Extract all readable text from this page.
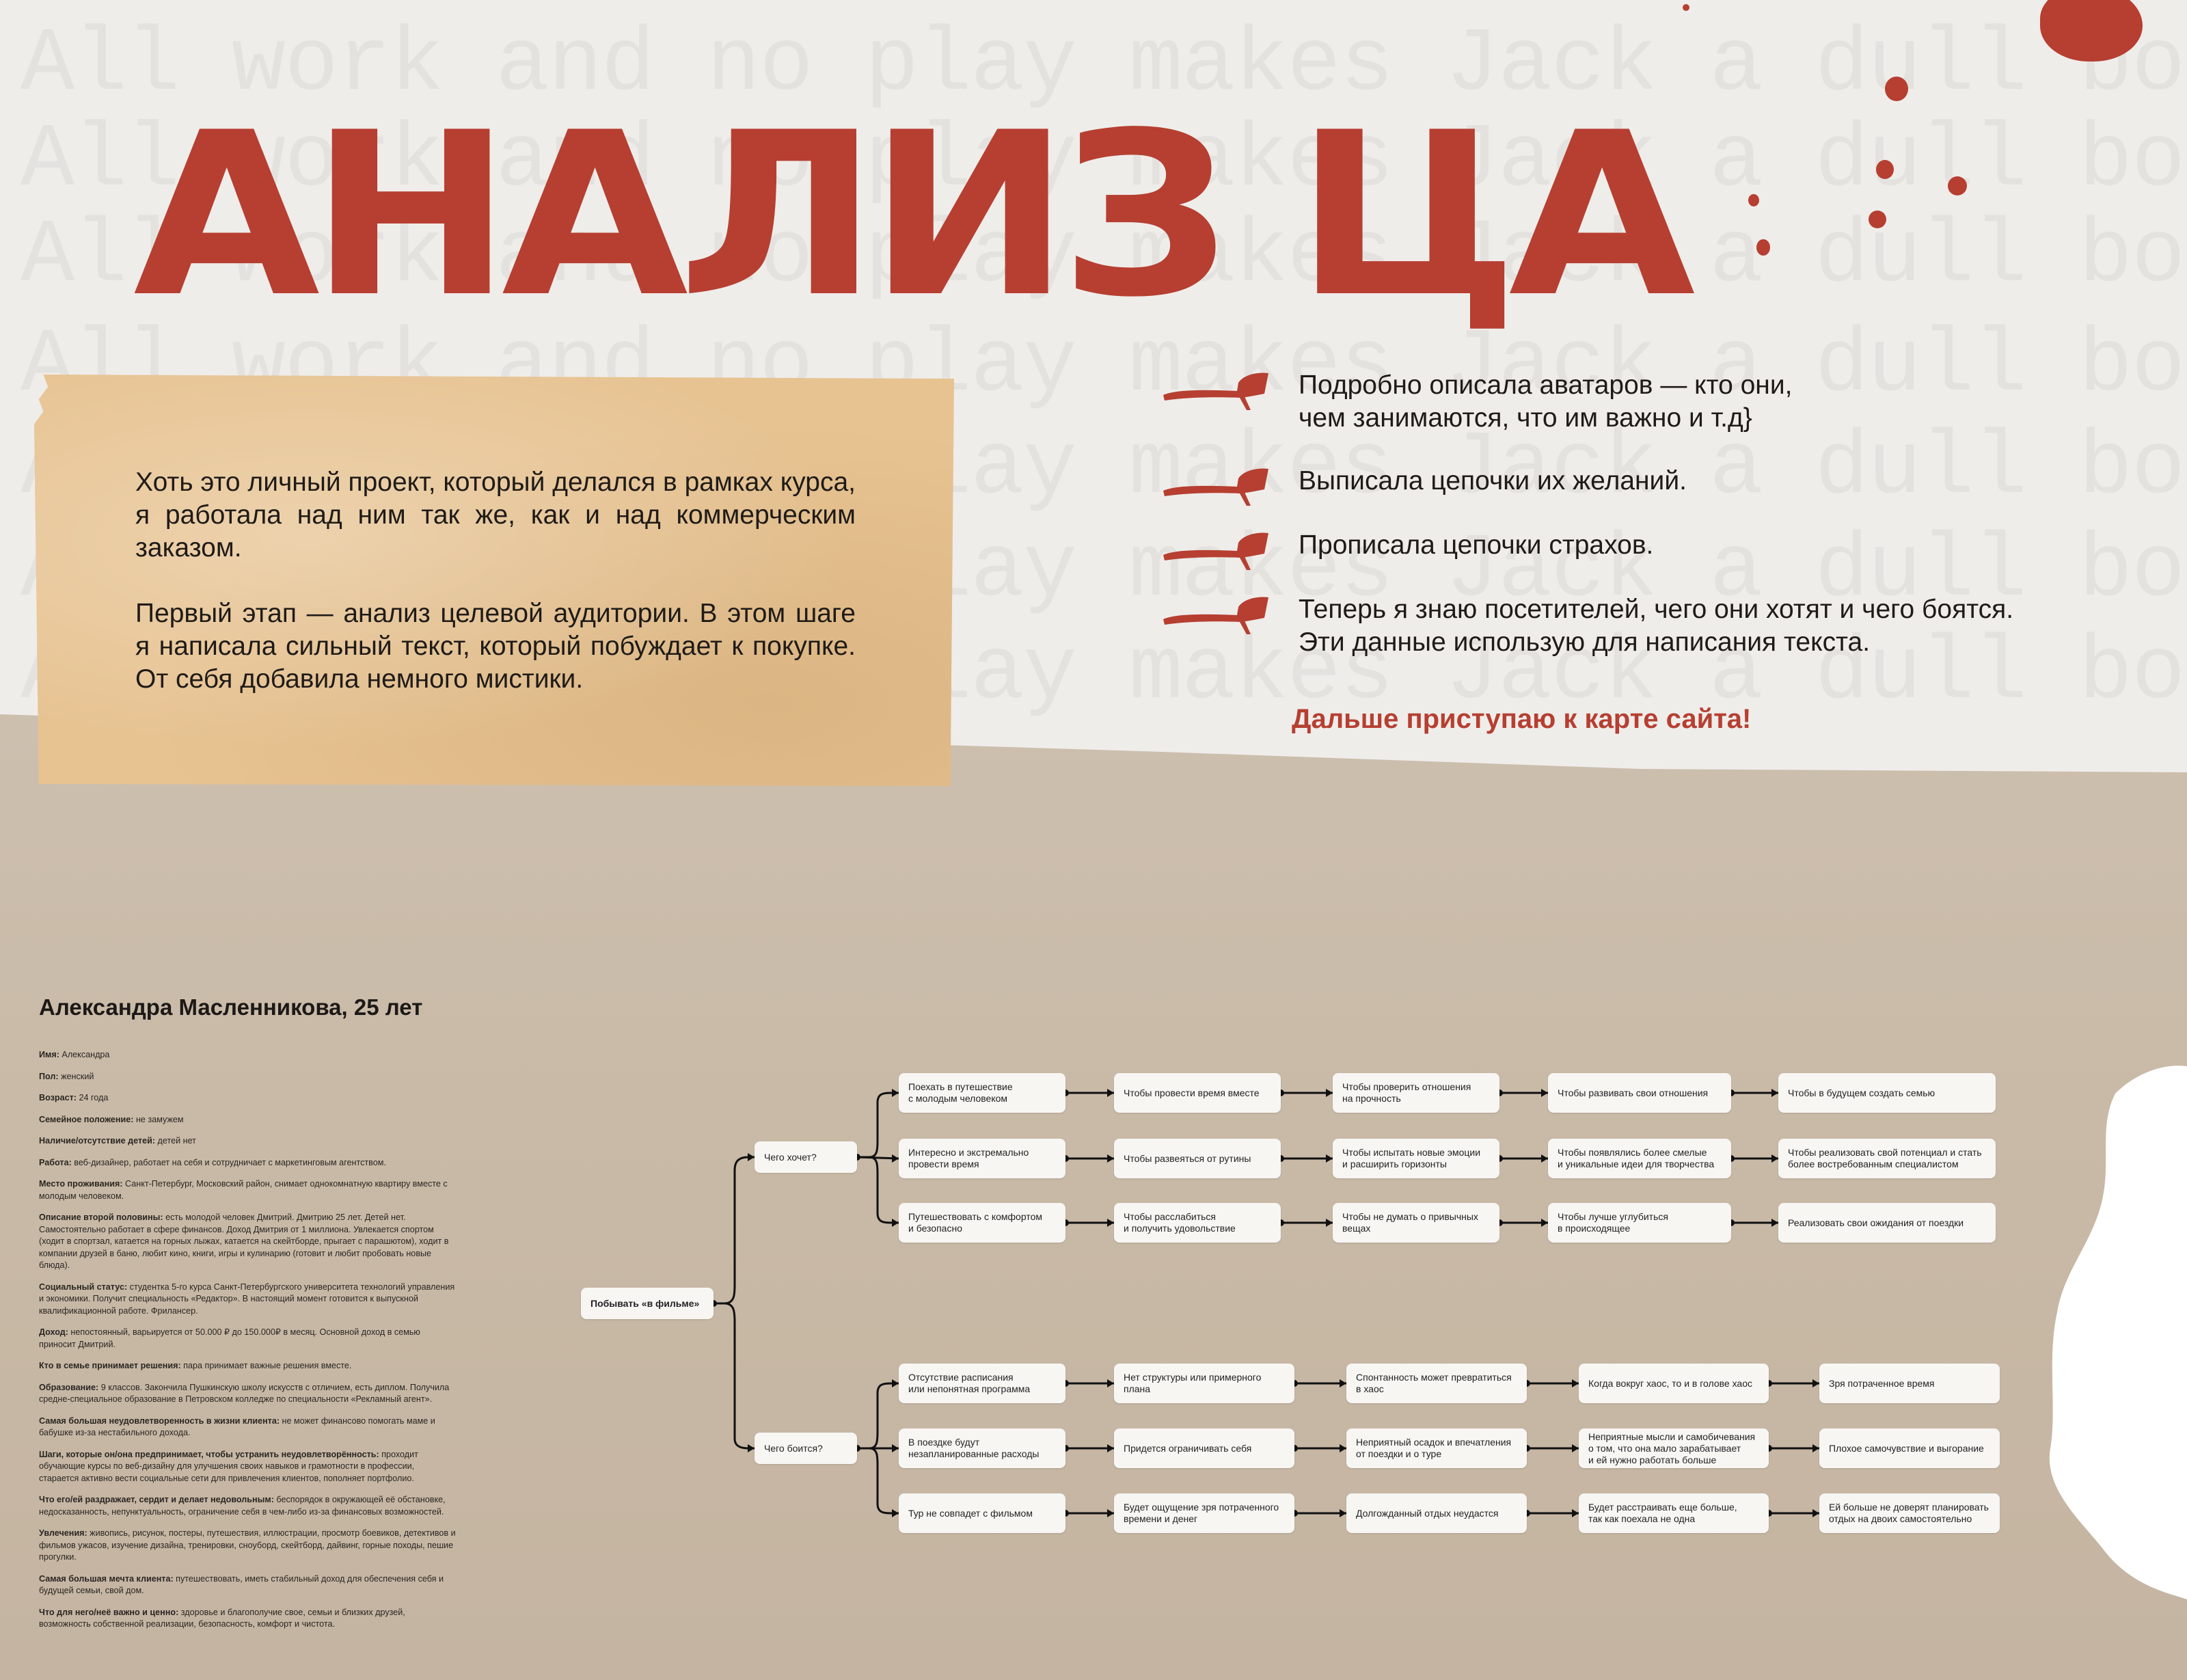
АНАЛИЗ ЦА

Хоть это личный проект, который делался в рамках курса, я работала над ним так же, как и над коммерческим заказом.

Первый этап — анализ целевой аудитории. В этом шаге я написала сильный текст, который побуждает к покупке. От себя добавила немного мистики.

Подробно описала аватаров — кто они,
чем занимаются, что им важно и т.д}
Выписала цепочки их желаний.
Прописала цепочки страхов.
Теперь я знаю посетителей, чего они хотят и чего боятся.
Эти данные использую для написания текста.
Дальше приступаю к карте сайта!
Александра Масленникова, 25 лет

Имя: Александра

Пол: женский

Возраст: 24 года

Семейное положение: не замужем

Наличие/отсутствие детей: детей нет

Работа: веб-дизайнер, работает на себя и сотрудничает с маркетинговым агентством.

Место проживания: Санкт-Петербург, Московский район, снимает однокомнатную квартиру вместе с молодым человеком.

Описание второй половины: есть молодой человек Дмитрий. Дмитрию 25 лет. Детей нет. Самостоятельно работает в сфере финансов. Доход Дмитрия от 1 миллиона. Увлекается спортом (ходит в спортзал, катается на горных лыжах, катается на скейтборде, прыгает с парашютом), ходит в компании друзей в баню, любит кино, книги, игры и кулинарию (готовит и любит пробовать новые блюда).

Социальный статус: студентка 5-го курса Санкт-Петербургского университета технологий управления и экономики. Получит специальность «Редактор». В настоящий момент готовится к выпускной квалификационной работе. Фрилансер.

Доход: непостоянный, варьируется от 50.000 ₽ до 150.000₽ в месяц. Основной доход в семью приносит Дмитрий.

Кто в семье принимает решения: пара принимает важные решения вместе.

Образование: 9 классов. Закончила Пушкинскую школу искусств с отличием, есть диплом. Получила средне-специальное образование в Петровском колледже по специальности «Рекламный агент».

Самая большая неудовлетворенность в жизни клиента: не может финансово помогать маме и бабушке из-за нестабильного дохода.

Шаги, которые он/она предпринимает, чтобы устранить неудовлетворённость: проходит обучающие курсы по веб-дизайну для улучшения своих навыков и грамотности в профессии, старается активно вести социальные сети для привлечения клиентов, пополняет портфолио.

Что его/ей раздражает, сердит и делает недовольным: беспорядок в окружающей её обстановке, недосказанность, непунктуальность, ограничение себя в чем-либо из-за финансовых возможностей.

Увлечения: живопись, рисунок, постеры, путешествия, иллюстрации, просмотр боевиков, детективов и фильмов ужасов, изучение дизайна, тренировки, сноуборд, скейтборд, дайвинг, горные походы, пешие прогулки.

Самая большая мечта клиента: путешествовать, иметь стабильный доход для обеспечения себя и будущей семьи, свой дом.

Что для него/неё важно и ценно: здоровье и благополучие свое, семьи и близких друзей, возможность собственной реализации, безопасность, комфорт и чистота.

Побывать «в фильме»
Чего хочет?
Чего боится?
Поехать в путешествие
с молодым человеком
Чтобы провести время вместе
Чтобы проверить отношения
на прочность
Чтобы развивать свои отношения	Чтобы в будущем создать семью
Интересно и экстремально
провести время
Чтобы развеяться от рутины
Чтобы испытать новые эмоции
и расширить горизонты
Чтобы появлялись более смелые
и уникальные идеи для творчества
Чтобы реализовать свой потенциал и стать
более востребованным специалистом
Путешествовать с комфортом
и безопасно
Чтобы расслабиться
и получить удовольствие
Чтобы не думать о привычных
вещах
Чтобы лучше углубиться
в происходящее
Реализовать свои ожидания от поездки
Отсутствие расписания
или непонятная программа
Нет структуры или примерного
плана
Спонтанность может превратиться
в хаос
Когда вокруг хаос, то и в голове хаос	Зря потраченное время
В поездке будут
незапланированные расходы
Придется ограничивать себя
Неприятный осадок и впечатления
от поездки и о туре
Неприятные мысли и самобичевания
о том, что она мало зарабатывает
и ей нужно работать больше
Плохое самочувствие и выгорание
Тур не совпадет с фильмом
Будет ощущение зря потраченного
времени и денег
Долгожданный отдых неудастся
Будет расстраивать еще больше,
так как поехала не одна
Ей больше не доверят планировать
отдых на двоих самостоятельно
